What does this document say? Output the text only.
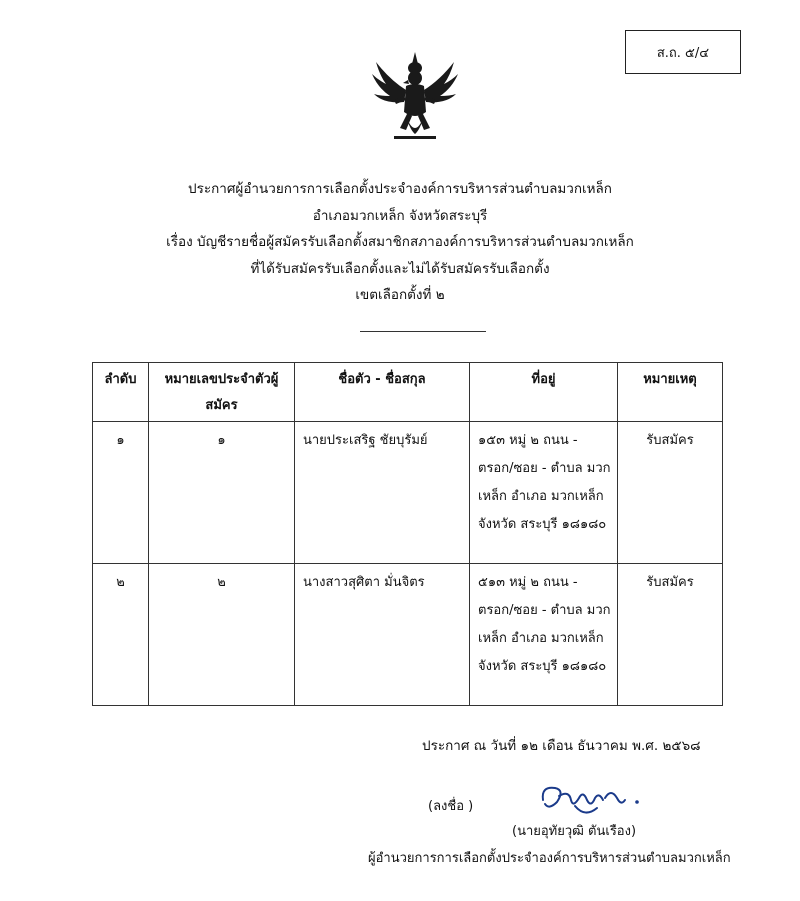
ส.ถ. ๕/๔
ประกาศผู้อำนวยการการเลือกตั้งประจำองค์การบริหารส่วนตำบลมวกเหล็ก
อำเภอมวกเหล็ก จังหวัดสระบุรี
เรื่อง บัญชีรายชื่อผู้สมัครรับเลือกตั้งสมาชิกสภาองค์การบริหารส่วนตำบลมวกเหล็ก
ที่ได้รับสมัครรับเลือกตั้งและไม่ได้รับสมัครรับเลือกตั้ง
เขตเลือกตั้งที่ ๒
ลำดับ	หมายเลขประจำตัวผู้สมัคร	ชื่อตัว - ชื่อสกุล	ที่อยู่	หมายเหตุ
๑	๑	นายประเสริฐ ชัยบุรัมย์	๑๕๓ หมู่ ๒ ถนน - ตรอก/ซอย - ตำบล มวกเหล็ก อำเภอ มวกเหล็ก จังหวัด สระบุรี ๑๘๑๘๐	รับสมัคร
๒	๒	นางสาวสุศิตา มั่นจิตร	๕๑๓ หมู่ ๒ ถนน - ตรอก/ซอย - ตำบล มวกเหล็ก อำเภอ มวกเหล็ก จังหวัด สระบุรี ๑๘๑๘๐	รับสมัคร
ประกาศ ณ วันที่ ๑๒ เดือน ธันวาคม พ.ศ. ๒๕๖๘
(ลงชื่อ )
(นายอุทัยวุฒิ ตันเรือง)
ผู้อำนวยการการเลือกตั้งประจำองค์การบริหารส่วนตำบลมวกเหล็ก
